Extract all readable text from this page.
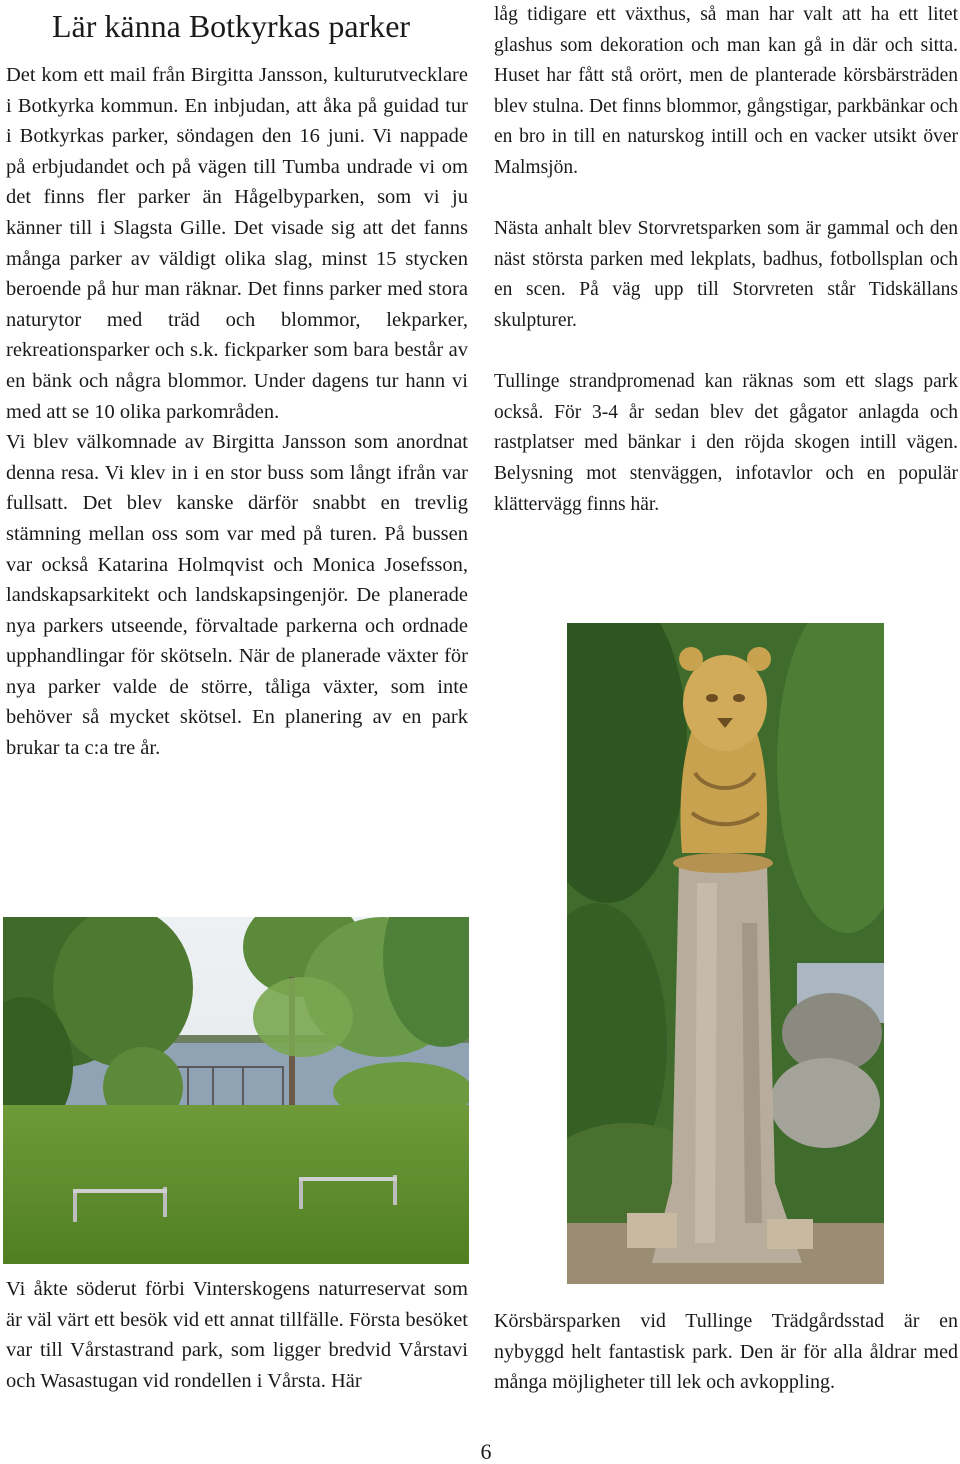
Lär känna Botkyrkas parker

Det kom ett mail från Birgitta Jansson, kulturutvecklare i Botkyrka kommun. En inbjudan, att åka på guidad tur i Botkyrkas parker, söndagen den 16 juni. Vi nappade på erbjudandet och på vägen till Tumba undrade vi om det finns fler parker än Hågelbyparken, som vi ju känner till i Slagsta Gille. Det visade sig att det fanns många parker av väldigt olika slag, minst 15 stycken beroende på hur man räknar. Det finns parker med stora naturytor med träd och blommor, lekparker, rekreationsparker och s.k. fickparker som bara består av en bänk och några blommor. Under dagens tur hann vi med att se 10 olika parkområden.

Vi blev välkomnade av Birgitta Jansson som anordnat denna resa. Vi klev in i en stor buss som långt ifrån var fullsatt. Det blev kanske därför snabbt en trevlig stämning mellan oss som var med på turen. På bussen var också Katarina Holmqvist och Monica Josefsson, landskapsarkitekt och landskapsingenjör. De planerade nya parkers utseende, förvaltade parkerna och ordnade upphandlingar för skötseln. När de planerade växter för nya parker valde de större, tåliga växter, som inte behöver så mycket skötsel. En planering av en park brukar ta c:a tre år.

låg tidigare ett växthus, så man har valt att ha ett litet glashus som dekoration och man kan gå in där och sitta. Huset har fått stå orört, men de planterade körsbärsträden blev stulna. Det finns blommor, gångstigar, parkbänkar och en bro in till en naturskog intill och en vacker utsikt över Malmsjön.

Nästa anhalt blev Storvretsparken som är gammal och den näst största parken med lekplats, badhus, fotbollsplan och en scen. På väg upp till Storvreten står Tidskällans skulpturer.

Tullinge strandpromenad kan räknas som ett slags park också. För 3-4 år sedan blev det gågator anlagda och rastplatser med bänkar i den röjda skogen intill vägen. Belysning mot stenväggen, infotavlor och en populär klättervägg finns här.

Vi åkte söderut förbi Vinterskogens naturreservat som är väl värt ett besök vid ett annat tillfälle. Första besöket var till Vårstastrand park, som ligger bredvid Vårstavi och Wasastugan vid rondellen i Vårsta. Här

Körsbärsparken vid Tullinge Trädgårdsstad är en nybyggd helt fantastisk park. Den är för alla åldrar med många möjligheter till lek och avkoppling.

6
